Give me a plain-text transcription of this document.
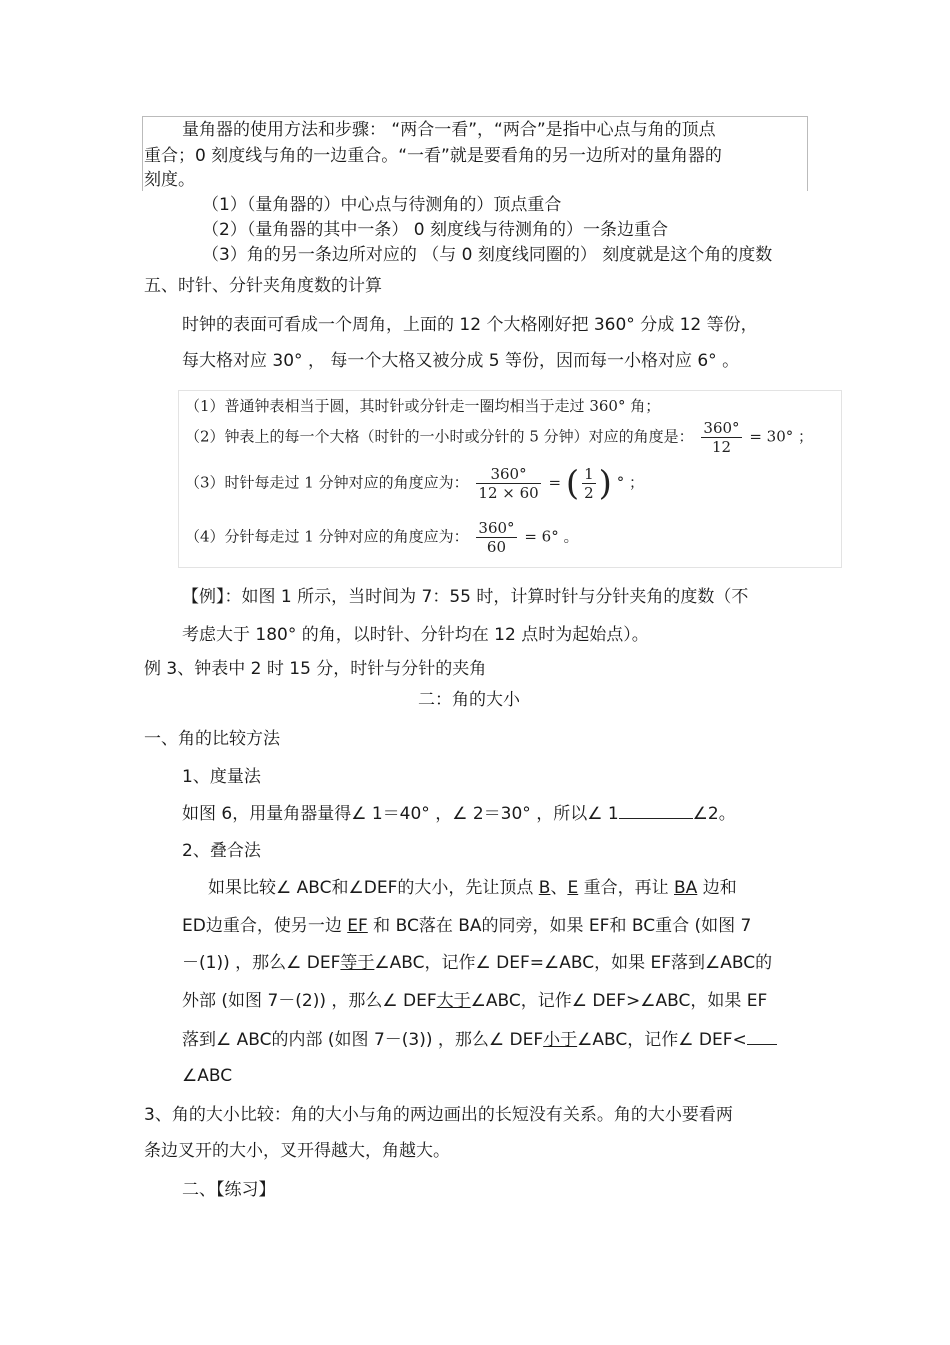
量角器的使用方法和步骤： “两合一看”，“两合”是指中心点与角的顶点
重合；0 刻度线与角的一边重合。“一看”就是要看角的另一边所对的量角器的
刻度。
（1）（量角器的）中心点与待测角的）顶点重合
（2）（量角器的其中一条） 0 刻度线与待测角的）一条边重合
（3）角的另一条边所对应的 （与 0 刻度线同圈的） 刻度就是这个角的度数
五、时针、分针夹角度数的计算
时钟的表面可看成一个周角，上面的 12 个大格刚好把 360° 分成 12 等份，
每大格对应 30° ， 每一个大格又被分成 5 等份，因而每一小格对应 6° 。
（1）普通钟表相当于圆，其时针或分针走一圈均相当于走过 360° 角；
（2）钟表上的每一个大格（时针的一小时或分针的 5 分钟）对应的角度是： $\frac{360^\circ}{12} = 30^\circ$ ；
（3）时针每走过 1 分钟对应的角度应为： $\frac{360^\circ}{12 \times 60}$ = ( $\frac{1}{2}$ ) ° ；
（4）分针每走过 1 分钟对应的角度应为： $\frac{360^\circ}{60} = 6^\circ$ 。
【例】：如图 1 所示，当时间为 7：55 时，计算时针与分针夹角的度数（不
考虑大于 180° 的角，以时针、分针均在 12 点时为起始点）。
例 3、钟表中 2 时 15 分，时针与分针的夹角
二：角的大小
一、角的比较方法
1、度量法
如图 6，用量角器量得∠ 1＝40° ，∠ 2＝30° ，所以∠ 1	∠2。
2、叠合法
如果比较∠ ABC和∠DEF的大小，先让顶点 B、E 重合，再让 BA 边和
ED边重合，使另一边 EF 和 BC落在 BA的同旁，如果 EF和 BC重合 (如图 7
－(1)) ，那么∠ DEF等于∠ABC，记作∠ DEF=∠ABC，如果 EF落到∠ABC的
外部 (如图 7－(2)) ，那么∠ DEF大于∠ABC，记作∠ DEF>∠ABC，如果 EF
落到∠ ABC的内部 (如图 7－(3)) ，那么∠ DEF小于∠ABC，记作∠ DEF<
∠ABC
3、角的大小比较：角的大小与角的两边画出的长短没有关系。角的大小要看两
条边叉开的大小，叉开得越大，角越大。
二、【练习】
